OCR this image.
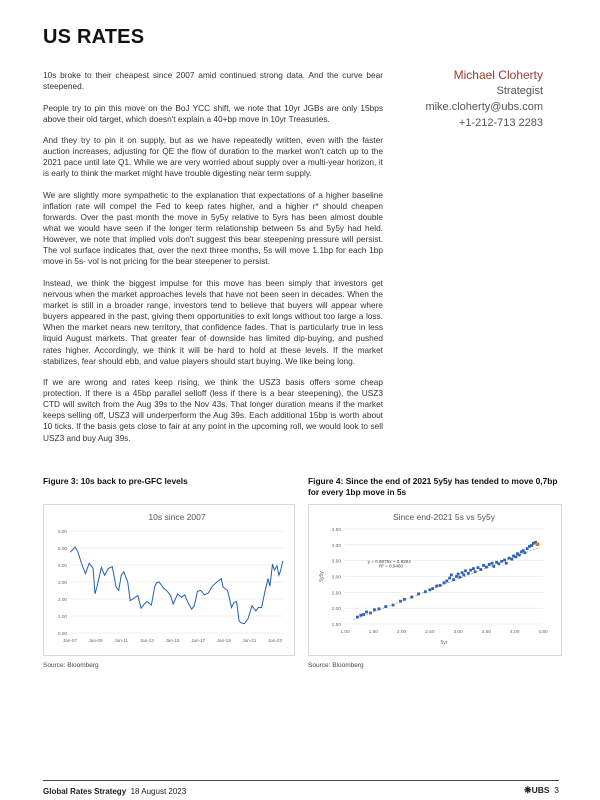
US RATES
Michael Cloherty
Strategist
mike.cloherty@ubs.com
+1-212-713 2283

10s broke to their cheapest since 2007 amid continued strong data. And the curve bear steepened.

People try to pin this move on the BoJ YCC shift, we note that 10yr JGBs are only 15bps above their old target, which doesn't explain a 40+bp move in 10yr Treasuries.

And they try to pin it on supply, but as we have repeatedly written, even with the faster auction increases, adjusting for QE the flow of duration to the market won't catch up to the 2021 pace until late Q1. While we are very worried about supply over a multi-year horizon, it is early to think the market might have trouble digesting near term supply.

We are slightly more sympathetic to the explanation that expectations of a higher baseline inflation rate will compel the Fed to keep rates higher, and a higher r* should cheapen forwards. Over the past month the move in 5y5y relative to 5yrs has been almost double what we would have seen if the longer term relationship between 5s and 5y5y had held. However, we note that implied vols don't suggest this bear steepening pressure will persist. The vol surface indicates that, over the next three months, 5s will move 1.1bp for each 1bp move in 5s- vol is not pricing for the bear steepener to persist.

Instead, we think the biggest impulse for this move has been simply that investors get nervous when the market approaches levels that have not been seen in decades. When the market is still in a broader range, investors tend to believe that buyers will appear where buyers appeared in the past, giving them opportunities to exit longs without too large a loss. When the market nears new territory, that confidence fades. That is particularly true in less liquid August markets. That greater fear of downside has limited dip-buying, and pushed rates higher. Accordingly, we think it will be hard to hold at these levels. If the market stabilizes, fear should ebb, and value players should start buying. We like being long.

If we are wrong and rates keep rising, we think the USZ3 basis offers some cheap protection. If there is a 45bp parallel selloff (less if there is a bear steepening), the USZ3 CTD will switch from the Aug 39s to the Nov 43s. That longer duration means if the market keeps selling off, USZ3 will underperform the Aug 39s. Each additional 15bp is worth about 10 ticks. If the basis gets close to fair at any point in the upcoming roll, we would look to sell USZ3 and buy Aug 39s.

Figure 3: 10s back to pre-GFC levels	Figure 4: Since the end of 2021 5y5y has tended to move 0,7bp for every 1bp move in 5s
10s since 2007
0.00
1.00
2.00
3.00
4.00
5.00
6.00
Jan-07	Jan-09	Jan-11	Jan-13	Jan-15	Jan-17	Jan-19	Jan-21	Jan-23
Since end-2021 5s vs 5y5y
1.50
2.00
2.50
3.00
3.50
4.00
4.50
1.00	1.50	2.00	2.50	3.00	3.50	4.00	4.50
5yr
5y5y
y = 0.6975x + 0.8284
R² = 0.9460
Source: Bloomberg	Source: Bloomberg
Global Rates Strategy 18 August 2023	❋UBS 3
